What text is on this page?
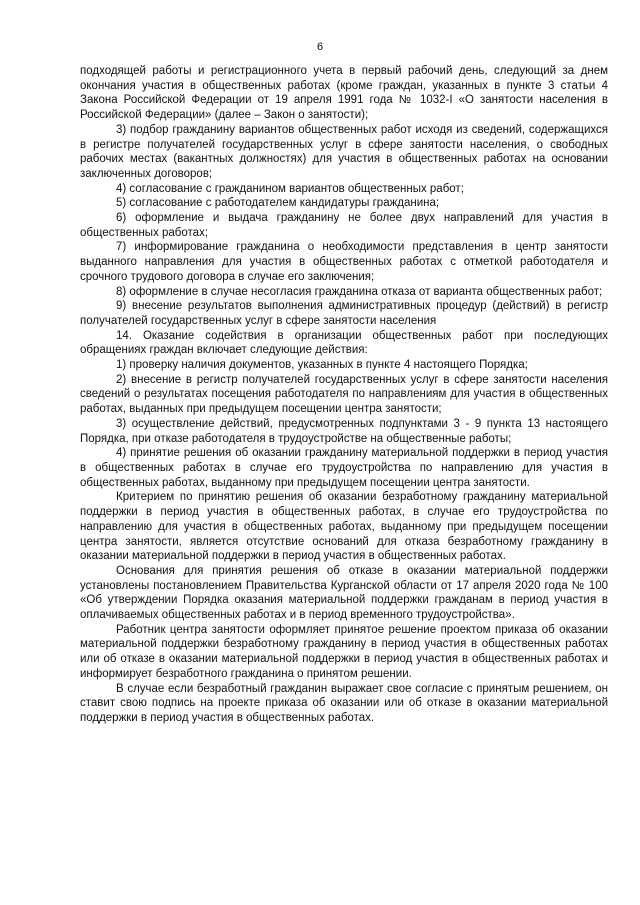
6

подходящей работы и регистрационного учета в первый рабочий день, следующий за днем окончания участия в общественных работах (кроме граждан, указанных в пункте 3 статьи 4 Закона Российской Федерации от 19 апреля 1991 года № 1032-I «О занятости населения в Российской Федерации» (далее – Закон о занятости);

3) подбор гражданину вариантов общественных работ исходя из сведений, содержащихся в регистре получателей государственных услуг в сфере занятости населения, о свободных рабочих местах (вакантных должностях) для участия в общественных работах на основании заключенных договоров;

4) согласование с гражданином вариантов общественных работ;

5) согласование с работодателем кандидатуры гражданина;

6) оформление и выдача гражданину не более двух направлений для участия в общественных работах;

7) информирование гражданина о необходимости представления в центр занятости выданного направления для участия в общественных работах с отметкой работодателя и срочного трудового договора в случае его заключения;

8) оформление в случае несогласия гражданина отказа от варианта общественных работ;

9) внесение результатов выполнения административных процедур (действий) в регистр получателей государственных услуг в сфере занятости населения

14. Оказание содействия в организации общественных работ при последующих обращениях граждан включает следующие действия:

1) проверку наличия документов, указанных в пункте 4 настоящего Порядка;

2) внесение в регистр получателей государственных услуг в сфере занятости населения сведений о результатах посещения работодателя по направлениям для участия в общественных работах, выданных при предыдущем посещении центра занятости;

3) осуществление действий, предусмотренных подпунктами 3 - 9 пункта 13 настоящего Порядка, при отказе работодателя в трудоустройстве на общественные работы;

4) принятие решения об оказании гражданину материальной поддержки в период участия в общественных работах в случае его трудоустройства по направлению для участия в общественных работах, выданному при предыдущем посещении центра занятости.

Критерием по принятию решения об оказании безработному гражданину материальной поддержки в период участия в общественных работах, в случае его трудоустройства по направлению для участия в общественных работах, выданному при предыдущем посещении центра занятости, является отсутствие оснований для отказа безработному гражданину в оказании материальной поддержки в период участия в общественных работах.

Основания для принятия решения об отказе в оказании материальной поддержки установлены постановлением Правительства Курганской области от 17 апреля 2020 года № 100 «Об утверждении Порядка оказания материальной поддержки гражданам в период участия в оплачиваемых общественных работах и в период временного трудоустройства».

Работник центра занятости оформляет принятое решение проектом приказа об оказании материальной поддержки безработному гражданину в период участия в общественных работах или об отказе в оказании материальной поддержки в период участия в общественных работах и информирует безработного гражданина о принятом решении.

В случае если безработный гражданин выражает свое согласие с принятым решением, он ставит свою подпись на проекте приказа об оказании или об отказе в оказании материальной поддержки в период участия в общественных работах.
